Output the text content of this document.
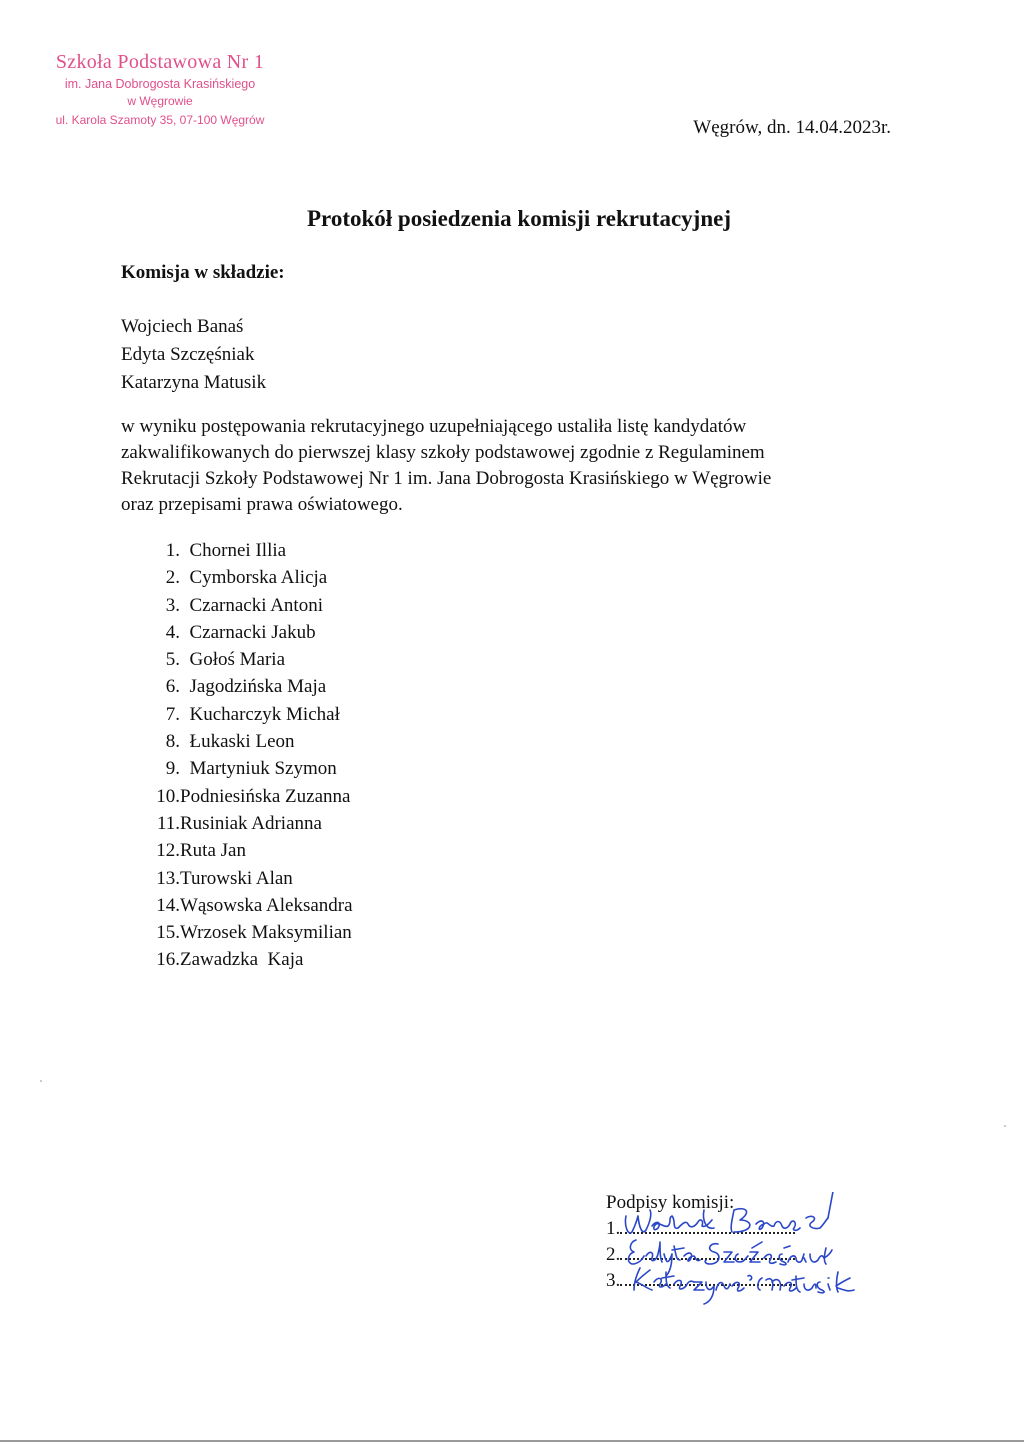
Szkoła Podstawowa Nr 1
im. Jana Dobrogosta Krasińskiego
w Węgrowie
ul. Karola Szamoty 35, 07-100 Węgrów	Węgrów, dn. 14.04.2023r.
Protokół posiedzenia komisji rekrutacyjnej
Komisja w składzie:
Wojciech Banaś
Edyta Szczęśniak
Katarzyna Matusik
w wyniku postępowania rekrutacyjnego uzupełniającego ustaliła listę kandydatów
zakwalifikowanych do pierwszej klasy szkoły podstawowej zgodnie z Regulaminem
Rekrutacji Szkoły Podstawowej Nr 1 im. Jana Dobrogosta Krasińskiego w Węgrowie
oraz przepisami prawa oświatowego.
1. Chornei Illia
2. Cymborska Alicja
3. Czarnacki Antoni
4. Czarnacki Jakub
5. Gołoś Maria
6. Jagodzińska Maja
7. Kucharczyk Michał
8. Łukaski Leon
9. Martyniuk Szymon
10. Podniesińska Zuzanna
11. Rusiniak Adrianna
12. Ruta Jan
13. Turowski Alan
14. Wąsowska Aleksandra
15. Wrzosek Maksymilian
16. Zawadzka  Kaja
Podpisy komisji:
1.
2.
3.
